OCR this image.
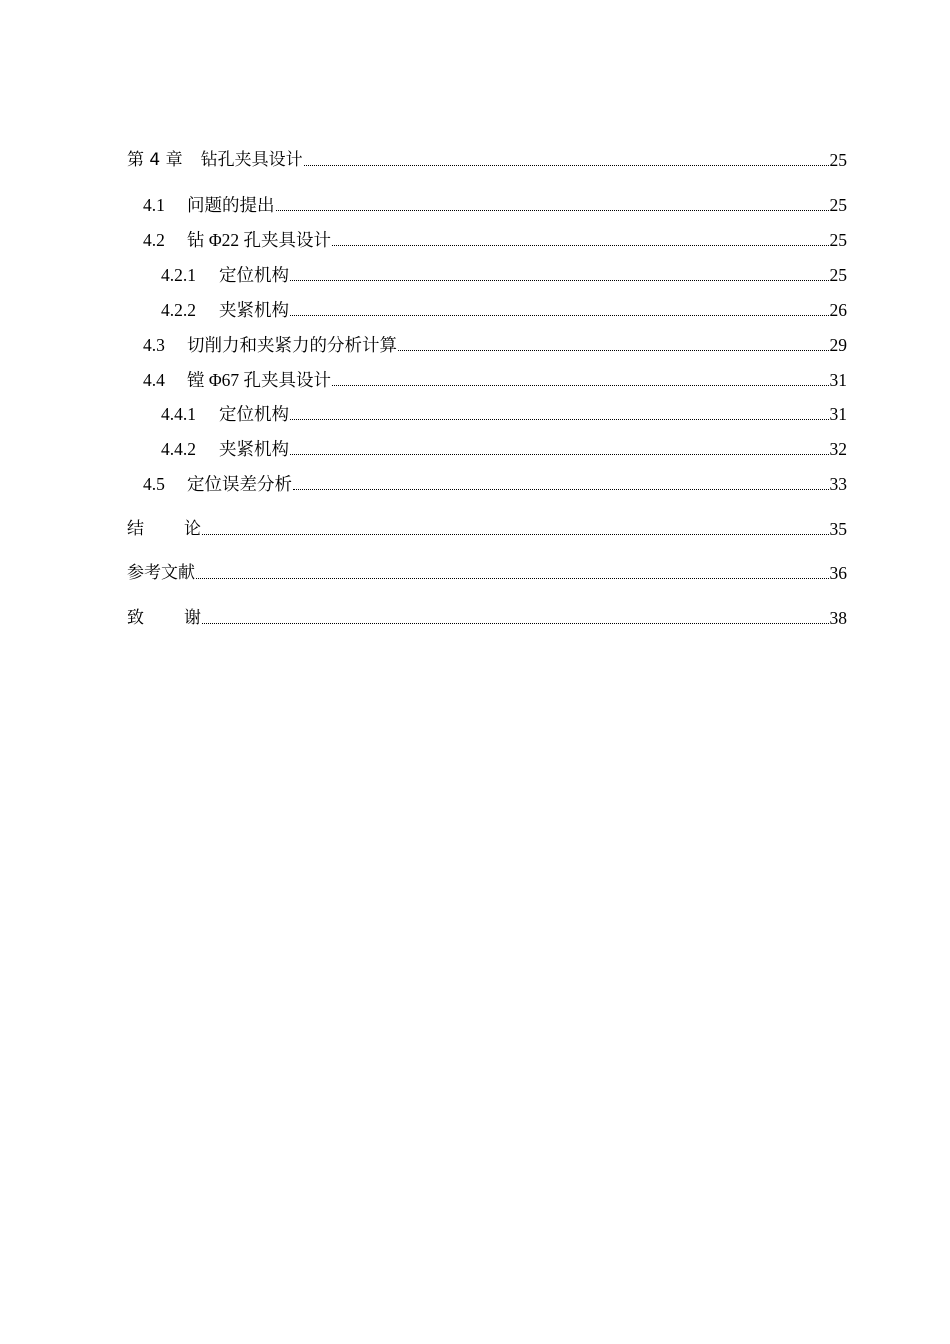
第 4 章 钻孔夹具设计	25
4.1	问题的提出	25
4.2	钻 Φ22 孔夹具设计	25
4.2.1	定位机构	25
4.2.2	夹紧机构	26
4.3	切削力和夹紧力的分析计算	29
4.4	镗 Φ67 孔夹具设计	31
4.4.1	定位机构	31
4.4.2	夹紧机构	32
4.5	定位误差分析	33
结论	35
参考文献	36
致谢	38
